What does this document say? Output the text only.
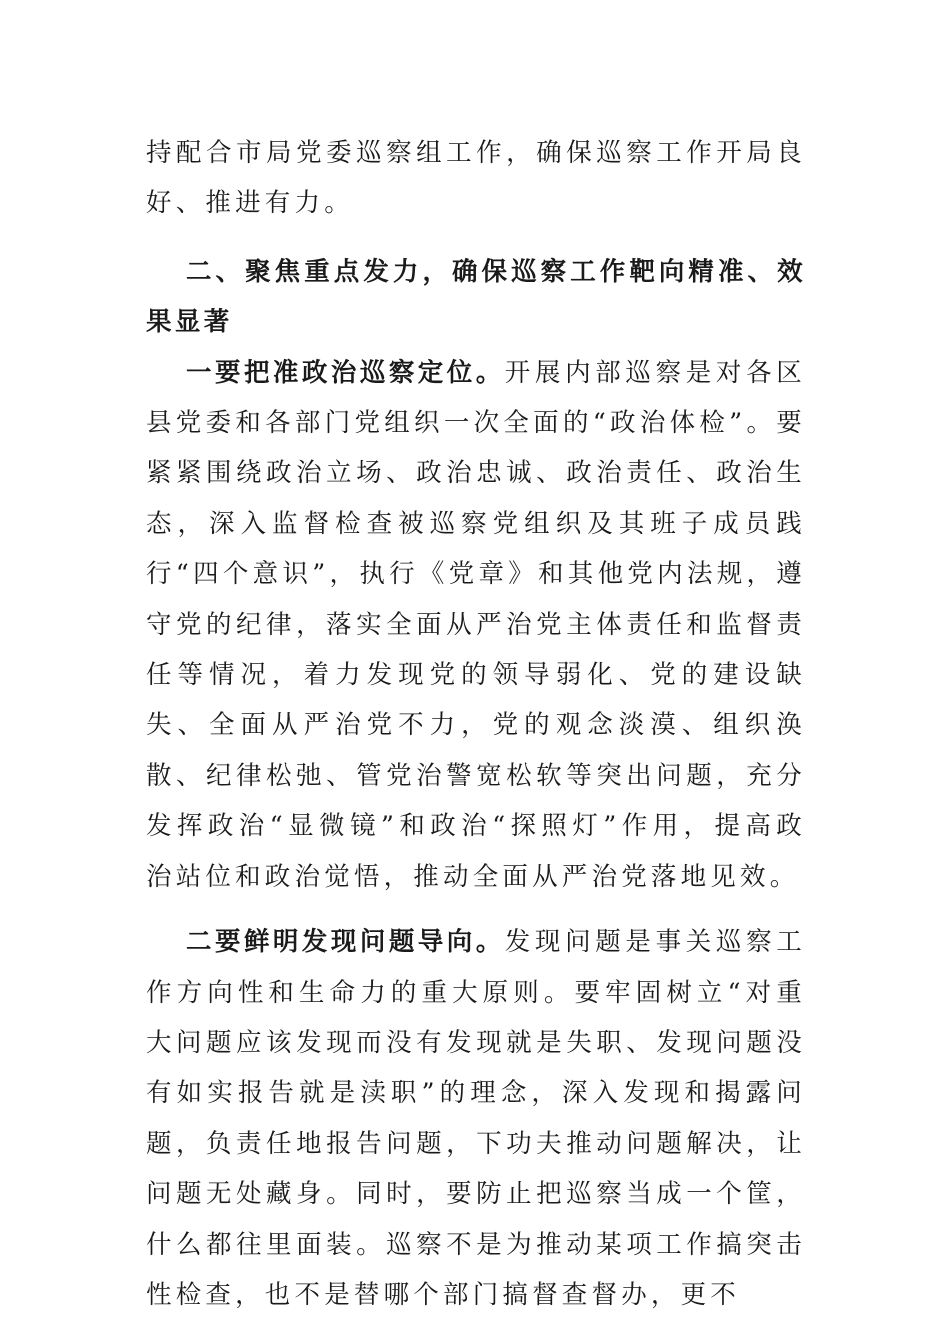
持配合市局党委巡察组工作，确保巡察工作开局良好、推进有力。

二、聚焦重点发力，确保巡察工作靶向精准、效果显著

一要把准政治巡察定位。开展内部巡察是对各区县党委和各部门党组织一次全面的“政治体检”。要紧紧围绕政治立场、政治忠诚、政治责任、政治生态，深入监督检查被巡察党组织及其班子成员践行“四个意识”，执行《党章》和其他党内法规，遵守党的纪律，落实全面从严治党主体责任和监督责任等情况，着力发现党的领导弱化、党的建设缺失、全面从严治党不力，党的观念淡漠、组织涣散、纪律松弛、管党治警宽松软等突出问题，充分发挥政治“显微镜”和政治“探照灯”作用，提高政治站位和政治觉悟，推动全面从严治党落地见效。

二要鲜明发现问题导向。发现问题是事关巡察工作方向性和生命力的重大原则。要牢固树立“对重大问题应该发现而没有发现就是失职、发现问题没有如实报告就是渎职”的理念，深入发现和揭露问题，负责任地报告问题，下功夫推动问题解决，让问题无处藏身。同时，要防止把巡察当成一个筐，什么都往里面装。巡察不是为推动某项工作搞突击性检查，也不是替哪个部门搞督查督办，更不
